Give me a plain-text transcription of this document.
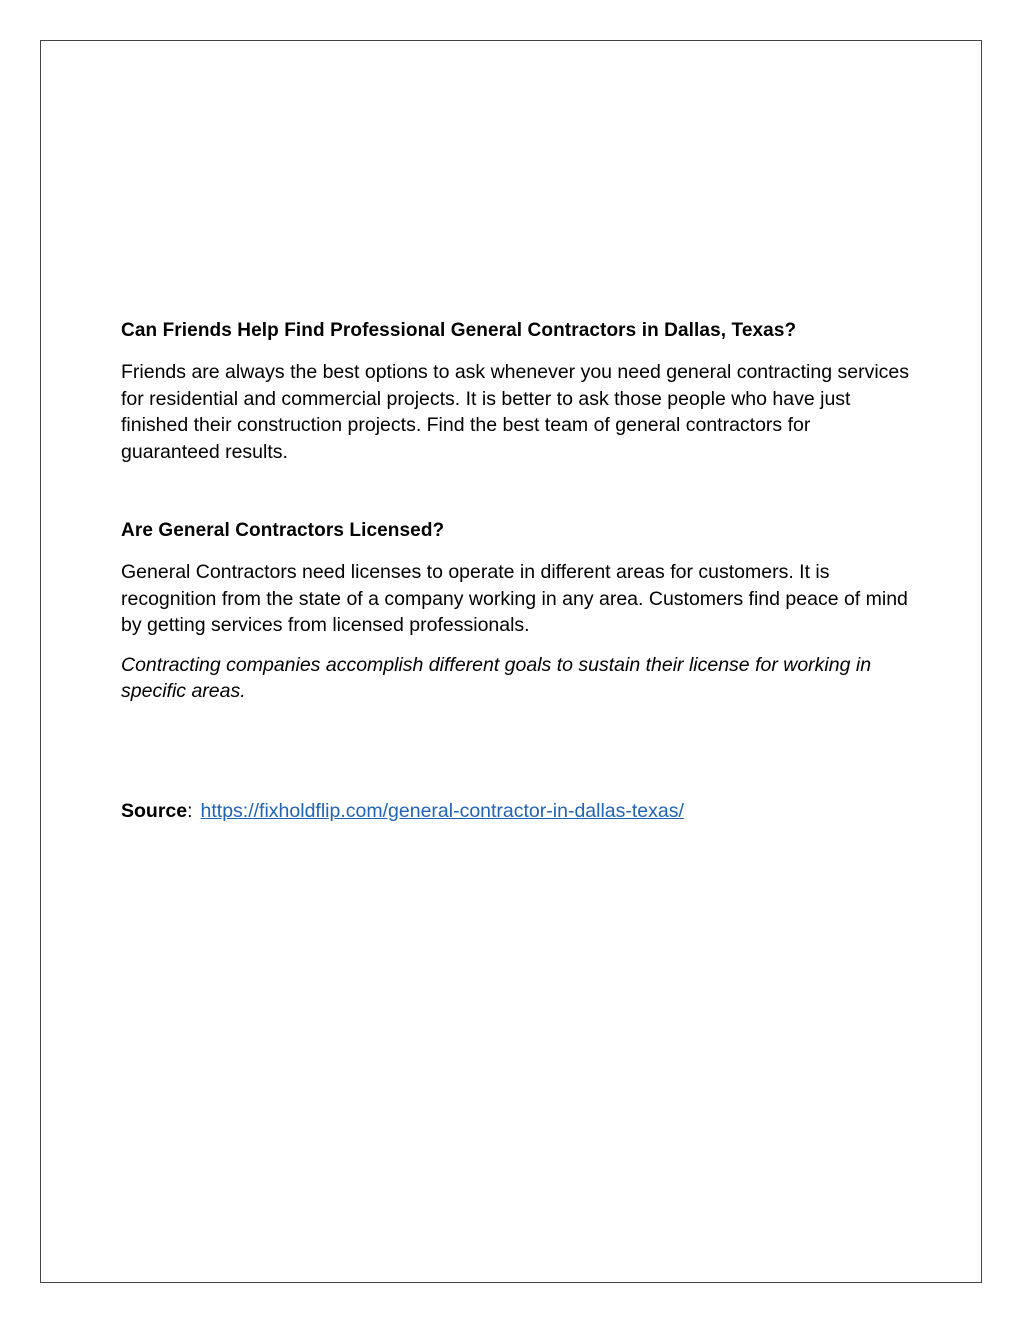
Can Friends Help Find Professional General Contractors in Dallas, Texas?

Friends are always the best options to ask whenever you need general contracting services for residential and commercial projects. It is better to ask those people who have just finished their construction projects. Find the best team of general contractors for guaranteed results.

Are General Contractors Licensed?

General Contractors need licenses to operate in different areas for customers. It is recognition from the state of a company working in any area. Customers find peace of mind by getting services from licensed professionals.

Contracting companies accomplish different goals to sustain their license for working in specific areas.

Source: https://fixholdflip.com/general-contractor-in-dallas-texas/
